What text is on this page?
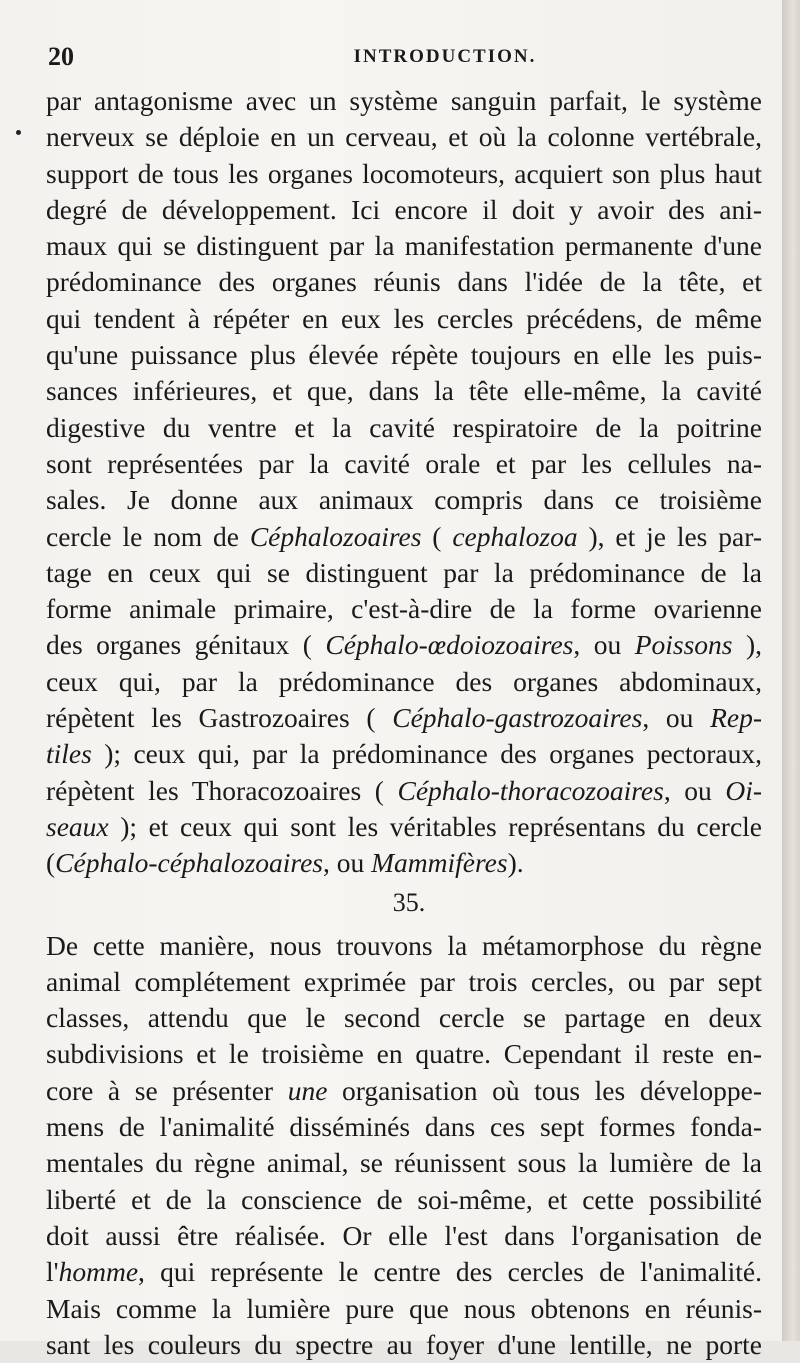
20	INTRODUCTION.
par antagonisme avec un système sanguin parfait, le système
nerveux se déploie en un cerveau, et où la colonne vertébrale,
support de tous les organes locomoteurs, acquiert son plus haut
degré de développement. Ici encore il doit y avoir des ani-
maux qui se distinguent par la manifestation permanente d'une
prédominance des organes réunis dans l'idée de la tête, et
qui tendent à répéter en eux les cercles précédens, de même
qu'une puissance plus élevée répète toujours en elle les puis-
sances inférieures, et que, dans la tête elle-même, la cavité
digestive du ventre et la cavité respiratoire de la poitrine
sont représentées par la cavité orale et par les cellules na-
sales. Je donne aux animaux compris dans ce troisième
cercle le nom de Céphalozoaires ( cephalozoa ), et je les par-
tage en ceux qui se distinguent par la prédominance de la
forme animale primaire, c'est-à-dire de la forme ovarienne
des organes génitaux ( Céphalo-œdoiozoaires, ou Poissons ),
ceux qui, par la prédominance des organes abdominaux,
répètent les Gastrozoaires ( Céphalo-gastrozoaires, ou Rep-
tiles ); ceux qui, par la prédominance des organes pectoraux,
répètent les Thoracozoaires ( Céphalo-thoracozoaires, ou Oi-
seaux ); et ceux qui sont les véritables représentans du cercle
(Céphalo-céphalozoaires, ou Mammifères).
35.
De cette manière, nous trouvons la métamorphose du règne
animal complétement exprimée par trois cercles, ou par sept
classes, attendu que le second cercle se partage en deux
subdivisions et le troisième en quatre. Cependant il reste en-
core à se présenter une organisation où tous les développe-
mens de l'animalité disséminés dans ces sept formes fonda-
mentales du règne animal, se réunissent sous la lumière de la
liberté et de la conscience de soi-même, et cette possibilité
doit aussi être réalisée. Or elle l'est dans l'organisation de
l'homme, qui représente le centre des cercles de l'animalité.
Mais comme la lumière pure que nous obtenons en réunis-
sant les couleurs du spectre au foyer d'une lentille, ne porte
